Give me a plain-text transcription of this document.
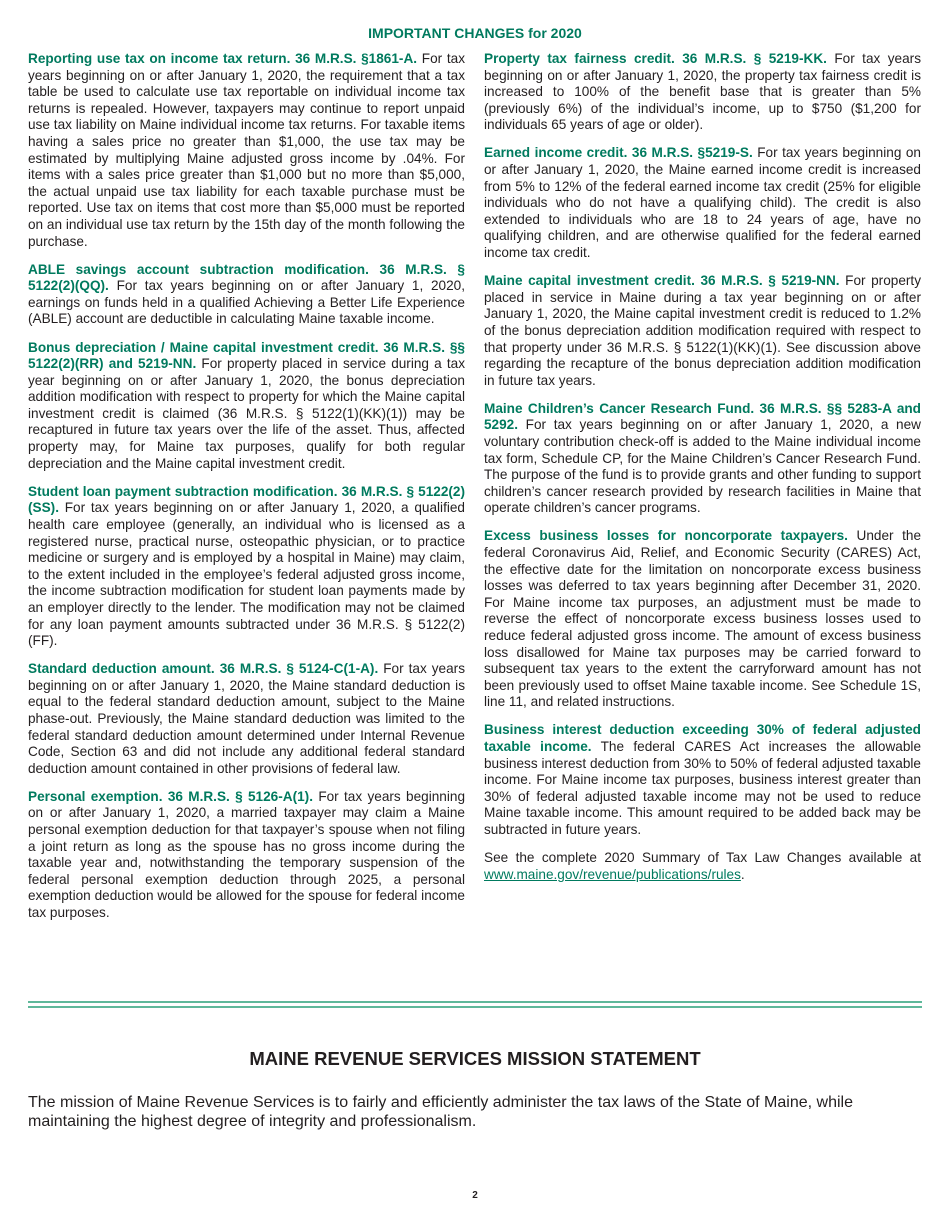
IMPORTANT CHANGES for 2020

Reporting use tax on income tax return. 36 M.R.S. §1861-A. For tax years beginning on or after January 1, 2020, the requirement that a tax table be used to calculate use tax reportable on individual income tax returns is repealed. However, taxpayers may continue to report unpaid use tax liability on Maine individual income tax returns. For taxable items having a sales price no greater than $1,000, the use tax may be estimated by multiplying Maine adjusted gross income by .04%. For items with a sales price greater than $1,000 but no more than $5,000, the actual unpaid use tax liability for each taxable purchase must be reported. Use tax on items that cost more than $5,000 must be reported on an individual use tax return by the 15th day of the month following the purchase.

ABLE savings account subtraction modification. 36 M.R.S. § 5122(2)(QQ). For tax years beginning on or after January 1, 2020, earnings on funds held in a qualified Achieving a Better Life Experience (ABLE) account are deductible in calculating Maine taxable income.

Bonus depreciation / Maine capital investment credit. 36 M.R.S. §§ 5122(2)(RR) and 5219-NN. For property placed in service during a tax year beginning on or after January 1, 2020, the bonus depreciation addition modification with respect to property for which the Maine capital investment credit is claimed (36 M.R.S. § 5122(1)(KK)(1)) may be recaptured in future tax years over the life of the asset. Thus, affected property may, for Maine tax purposes, qualify for both regular depreciation and the Maine capital investment credit.

Student loan payment subtraction modification. 36 M.R.S. § 5122(2)(SS). For tax years beginning on or after January 1, 2020, a qualified health care employee (generally, an individual who is licensed as a registered nurse, practical nurse, osteopathic physician, or to practice medicine or surgery and is employed by a hospital in Maine) may claim, to the extent included in the employee’s federal adjusted gross income, the income subtraction modification for student loan payments made by an employer directly to the lender. The modification may not be claimed for any loan payment amounts subtracted under 36 M.R.S. § 5122(2)(FF).

Standard deduction amount. 36 M.R.S. § 5124-C(1-A). For tax years beginning on or after January 1, 2020, the Maine standard deduction is equal to the federal standard deduction amount, subject to the Maine phase-out. Previously, the Maine standard deduction was limited to the federal standard deduction amount determined under Internal Revenue Code, Section 63 and did not include any additional federal standard deduction amount contained in other provisions of federal law.

Personal exemption. 36 M.R.S. § 5126-A(1). For tax years beginning on or after January 1, 2020, a married taxpayer may claim a Maine personal exemption deduction for that taxpayer’s spouse when not filing a joint return as long as the spouse has no gross income during the taxable year and, notwithstanding the temporary suspension of the federal personal exemption deduction through 2025, a personal exemption deduction would be allowed for the spouse for federal income tax purposes.

Property tax fairness credit. 36 M.R.S. § 5219-KK. For tax years beginning on or after January 1, 2020, the property tax fairness credit is increased to 100% of the benefit base that is greater than 5% (previously 6%) of the individual’s income, up to $750 ($1,200 for individuals 65 years of age or older).

Earned income credit. 36 M.R.S. §5219-S. For tax years beginning on or after January 1, 2020, the Maine earned income credit is increased from 5% to 12% of the federal earned income tax credit (25% for eligible individuals who do not have a qualifying child). The credit is also extended to individuals who are 18 to 24 years of age, have no qualifying children, and are otherwise qualified for the federal earned income tax credit.

Maine capital investment credit. 36 M.R.S. § 5219-NN. For property placed in service in Maine during a tax year beginning on or after January 1, 2020, the Maine capital investment credit is reduced to 1.2% of the bonus depreciation addition modification required with respect to that property under 36 M.R.S. § 5122(1)(KK)(1). See discussion above regarding the recapture of the bonus depreciation addition modification in future tax years.

Maine Children’s Cancer Research Fund. 36 M.R.S. §§ 5283-A and 5292. For tax years beginning on or after January 1, 2020, a new voluntary contribution check-off is added to the Maine individual income tax form, Schedule CP, for the Maine Children’s Cancer Research Fund. The purpose of the fund is to provide grants and other funding to support children’s cancer research provided by research facilities in Maine that operate children’s cancer programs.

Excess business losses for noncorporate taxpayers. Under the federal Coronavirus Aid, Relief, and Economic Security (CARES) Act, the effective date for the limitation on noncorporate excess business losses was deferred to tax years beginning after December 31, 2020. For Maine income tax purposes, an adjustment must be made to reverse the effect of noncorporate excess business losses used to reduce federal adjusted gross income. The amount of excess business loss disallowed for Maine tax purposes may be carried forward to subsequent tax years to the extent the carryforward amount has not been previously used to offset Maine taxable income. See Schedule 1S, line 11, and related instructions.

Business interest deduction exceeding 30% of federal adjusted taxable income. The federal CARES Act increases the allowable business interest deduction from 30% to 50% of federal adjusted taxable income. For Maine income tax purposes, business interest greater than 30% of federal adjusted taxable income may not be used to reduce Maine taxable income. This amount required to be added back may be subtracted in future years.

See the complete 2020 Summary of Tax Law Changes available at www.maine.gov/revenue/publications/rules.

MAINE REVENUE SERVICES MISSION STATEMENT
The mission of Maine Revenue Services is to fairly and efficiently administer the tax laws of the State of Maine, while maintaining the highest degree of integrity and professionalism.
2
